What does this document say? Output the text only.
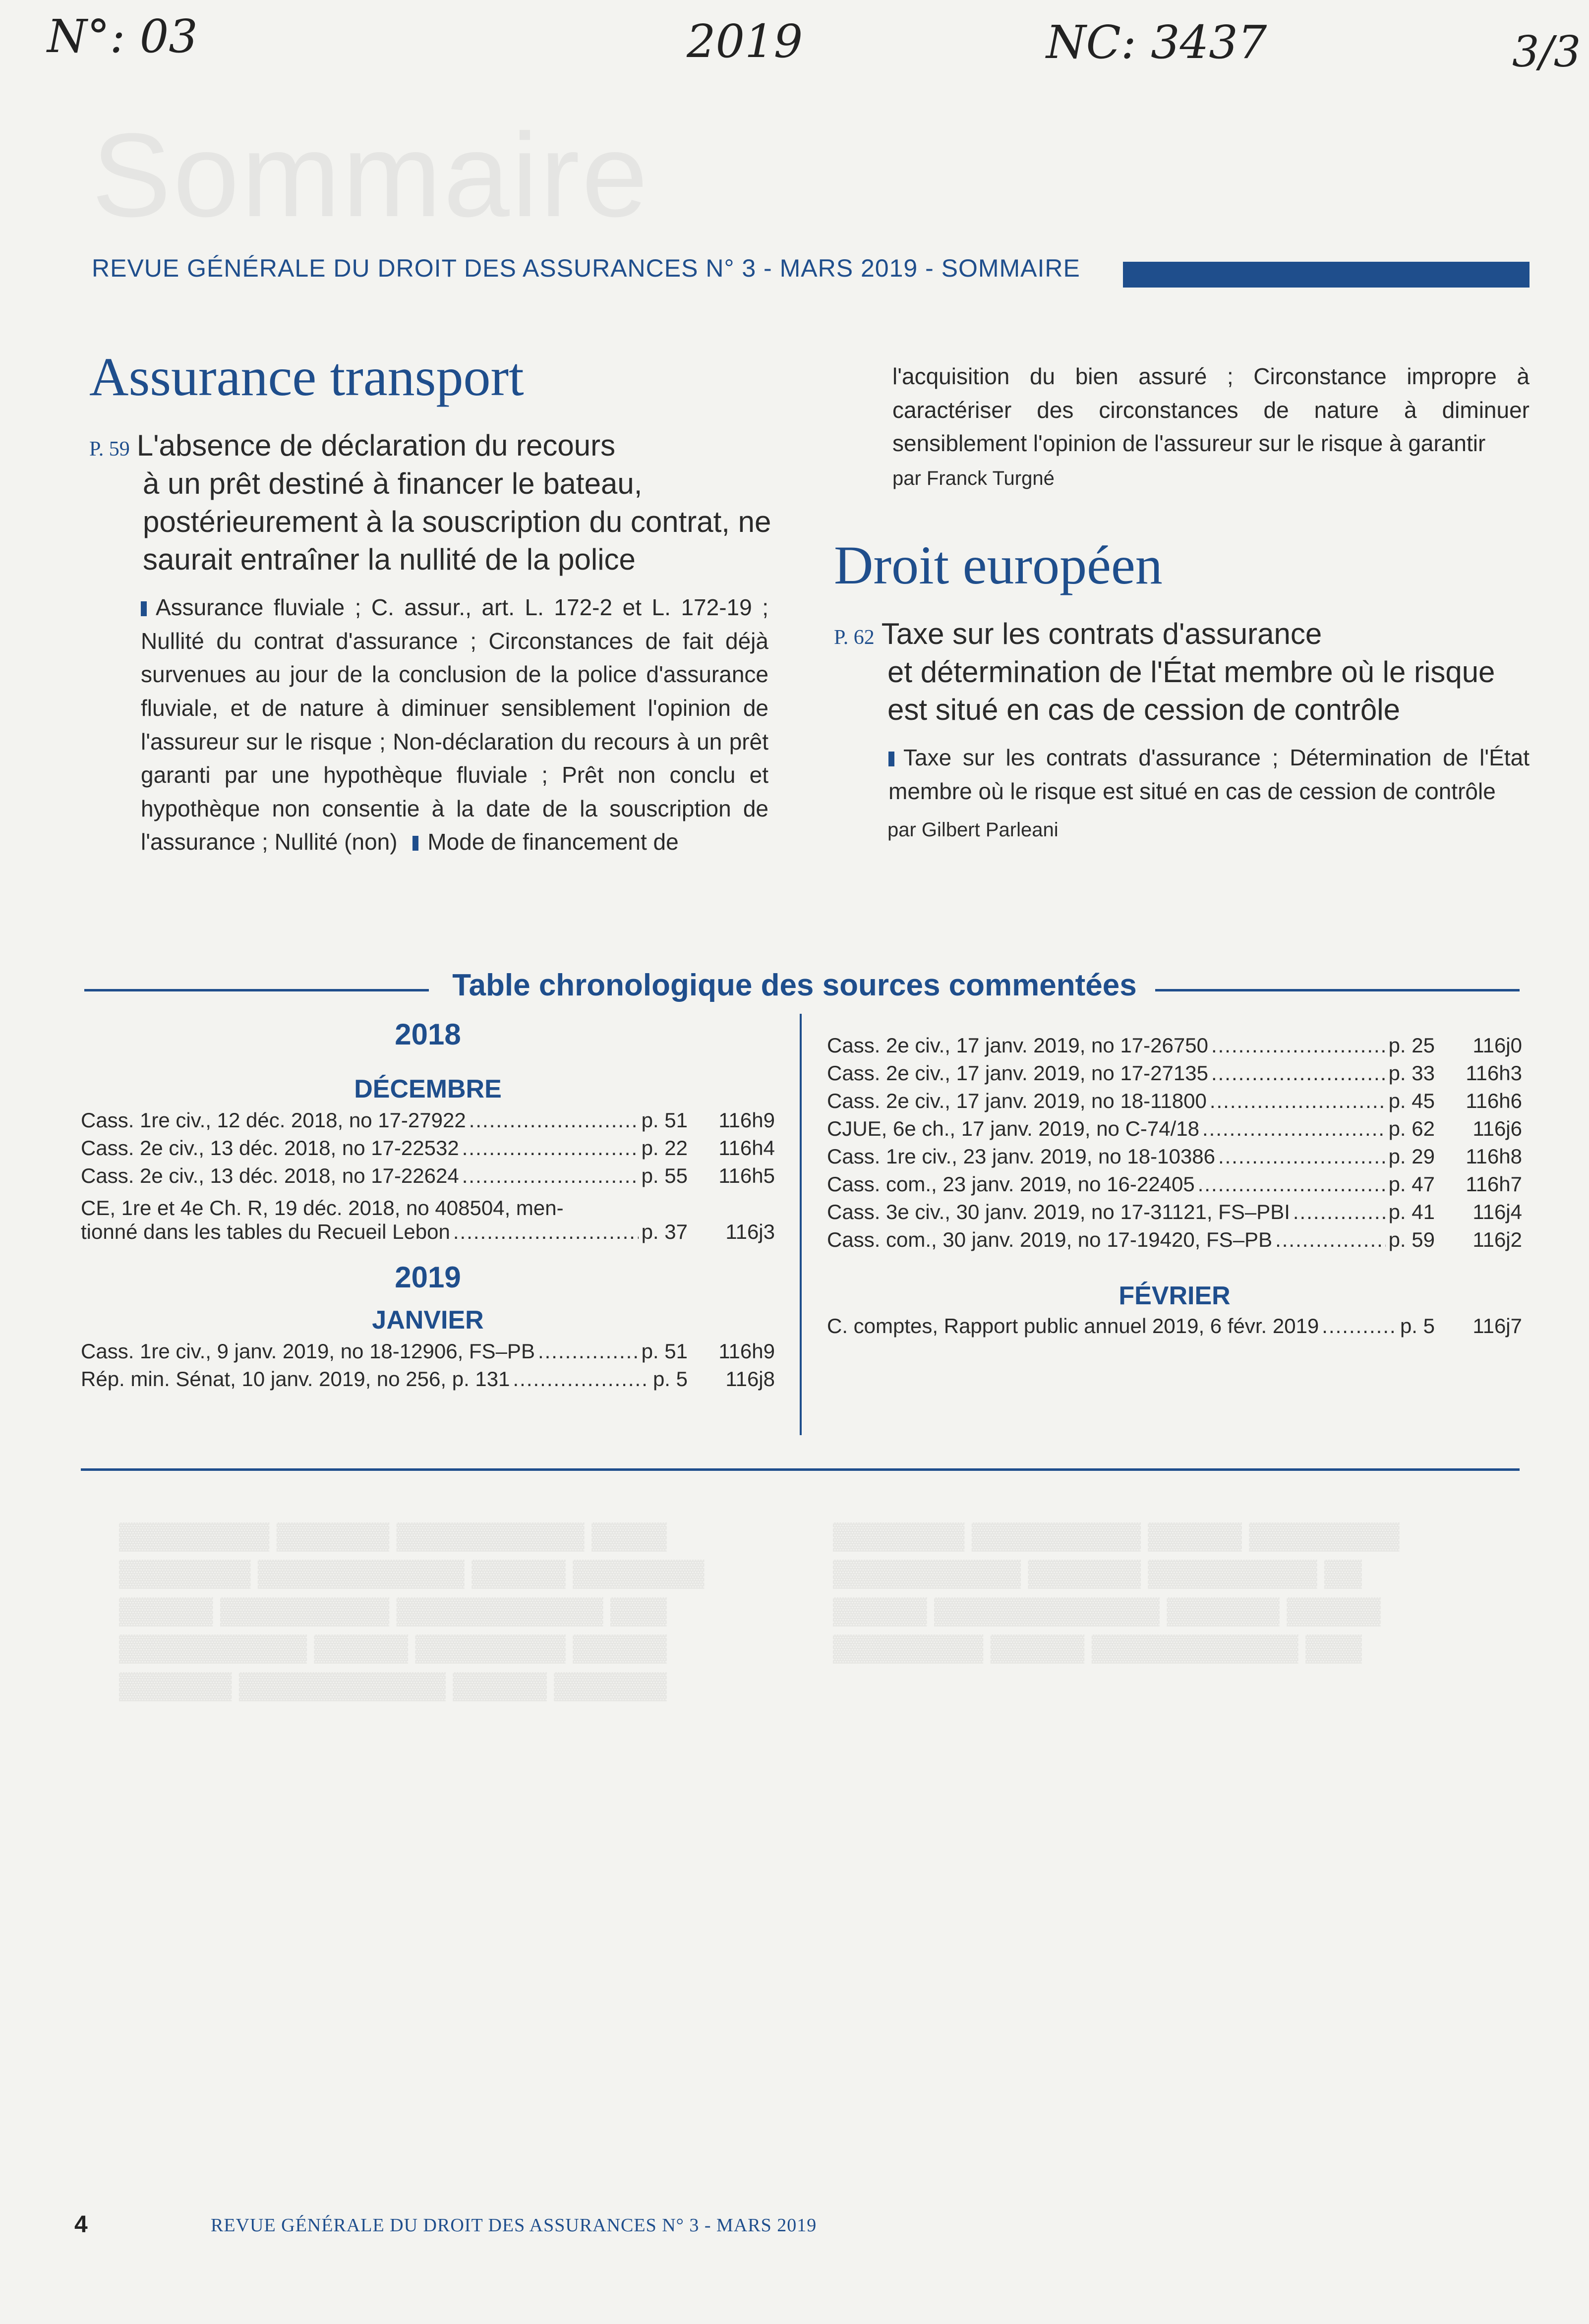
N°: 03	2019	NC: 3437	3/3
Sommaire
REVUE GÉNÉRALE DU DROIT DES ASSURANCES N° 3 - MARS 2019 - SOMMAIRE
Assurance transport
P. 59 L'absence de déclaration du recours
à un prêt destiné à financer le bateau, postérieurement à la souscription du contrat, ne saurait entraîner la nullité de la police
Assurance fluviale ; C. assur., art. L. 172-2 et L. 172-19 ; Nullité du contrat d'assurance ; Circonstances de fait déjà survenues au jour de la conclusion de la police d'assurance fluviale, et de nature à diminuer sensiblement l'opinion de l'assureur sur le risque ; Non-déclaration du recours à un prêt garanti par une hypothèque fluviale ; Prêt non conclu et hypothèque non consentie à la date de la souscription de l'assurance ; Nullité (non) Mode de financement de
l'acquisition du bien assuré ; Circonstance impropre à caractériser des circonstances de nature à diminuer sensiblement l'opinion de l'assureur sur le risque à garantir
par Franck Turgné
Droit européen
P. 62 Taxe sur les contrats d'assurance
et détermination de l'État membre où le risque est situé en cas de cession de contrôle
Taxe sur les contrats d'assurance ; Détermination de l'État membre où le risque est situé en cas de cession de contrôle
par Gilbert Parleani
Table chronologique des sources commentées
2018
DÉCEMBRE
Cass. 1re civ., 12 déc. 2018, no 17-27922 .....	p. 51 116h9
Cass. 2e civ., 13 déc. 2018, no 17-22532 .....	p. 22 116h4
Cass. 2e civ., 13 déc. 2018, no 17-22624 .....	p. 55 116h5
CE, 1re et 4e Ch. R, 19 déc. 2018, no 408504, men-
tionné dans les tables du Recueil Lebon .....	p. 37	116j3
2019
JANVIER
Cass. 1re civ., 9 janv. 2019, no 18-12906, FS–PB .....	p. 51 116h9
Rép. min. Sénat, 10 janv. 2019, no 256, p. 131 .....	p. 5	116j8
Cass. 2e civ., 17 janv. 2019, no 17-26750 .....	p. 25	116j0
Cass. 2e civ., 17 janv. 2019, no 17-27135 .....	p. 33 116h3
Cass. 2e civ., 17 janv. 2019, no 18-11800 .....	p. 45 116h6
CJUE, 6e ch., 17 janv. 2019, no C-74/18 .....	p. 62	116j6
Cass. 1re civ., 23 janv. 2019, no 18-10386 .....	p. 29 116h8
Cass. com., 23 janv. 2019, no 16-22405 .....	p. 47 116h7
Cass. 3e civ., 30 janv. 2019, no 17-31121, FS–PBI .....	p. 41	116j4
Cass. com., 30 janv. 2019, no 17-19420, FS–PB .....	p. 59	116j2
FÉVRIER
C. comptes, Rapport public annuel 2019, 6 févr. 2019 .....	p. 5	116j7
▓▓▓▓▓▓▓▓ ▓▓▓▓▓▓ ▓▓▓▓▓▓▓▓▓▓ ▓▓▓▓
▓▓▓▓▓▓▓ ▓▓▓▓▓▓▓▓▓▓▓ ▓▓▓▓▓ ▓▓▓▓▓▓▓
▓▓▓▓▓ ▓▓▓▓▓▓▓▓▓ ▓▓▓▓▓▓▓▓▓▓▓ ▓▓▓
▓▓▓▓▓▓▓▓▓▓ ▓▓▓▓▓ ▓▓▓▓▓▓▓▓ ▓▓▓▓▓
▓▓▓▓▓▓ ▓▓▓▓▓▓▓▓▓▓▓ ▓▓▓▓▓ ▓▓▓▓▓▓
▓▓▓▓▓▓▓ ▓▓▓▓▓▓▓▓▓ ▓▓▓▓▓ ▓▓▓▓▓▓▓▓
▓▓▓▓▓▓▓▓▓▓ ▓▓▓▓▓▓ ▓▓▓▓▓▓▓▓▓ ▓▓
▓▓▓▓▓ ▓▓▓▓▓▓▓▓▓▓▓▓ ▓▓▓▓▓▓ ▓▓▓▓▓
▓▓▓▓▓▓▓▓ ▓▓▓▓▓ ▓▓▓▓▓▓▓▓▓▓▓ ▓▓▓
4	REVUE GÉNÉRALE DU DROIT DES ASSURANCES N° 3 - MARS 2019
